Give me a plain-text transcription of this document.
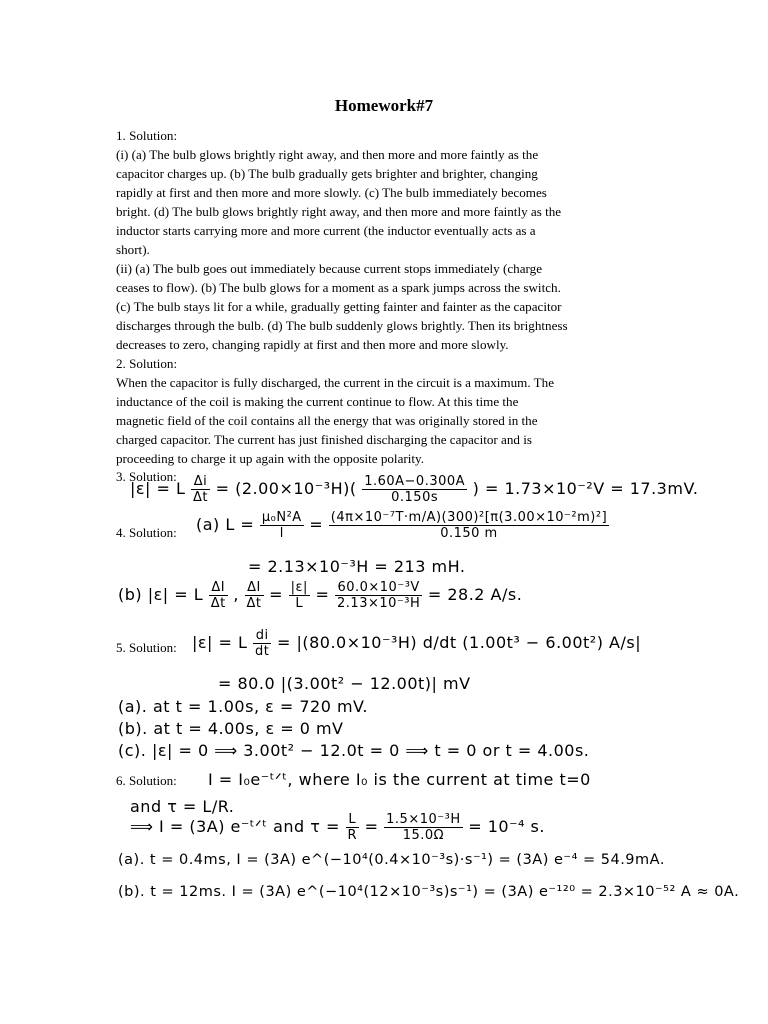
Homework#7
1. Solution:
(i) (a) The bulb glows brightly right away, and then more and more faintly as the
capacitor charges up. (b) The bulb gradually gets brighter and brighter, changing
rapidly at first and then more and more slowly. (c) The bulb immediately becomes
bright. (d) The bulb glows brightly right away, and then more and more faintly as the
inductor starts carrying more and more current (the inductor eventually acts as a
short).
(ii) (a) The bulb goes out immediately because current stops immediately (charge
ceases to flow). (b) The bulb glows for a moment as a spark jumps across the switch.
(c) The bulb stays lit for a while, gradually getting fainter and fainter as the capacitor
discharges through the bulb. (d) The bulb suddenly glows brightly. Then its brightness
decreases to zero, changing rapidly at first and then more and more slowly.
2. Solution:
When the capacitor is fully discharged, the current in the circuit is a maximum. The
inductance of the coil is making the current continue to flow. At this time the
magnetic field of the coil contains all the energy that was originally stored in the
charged capacitor. The current has just finished discharging the capacitor and is
proceeding to charge it up again with the opposite polarity.
3. Solution:
|ε| = L $\frac{\Delta i}{\Delta t} = (2.00\times 10^{-3}H)( \frac{1.60A-0.300A}{0.150s}$ ) = 1.73×10⁻²V = 17.3mV.
4. Solution: (a) $L = \frac{\text{μ₀N²A}}{l} = \frac{\text{(4π×10⁻⁷T·m/A)(300)²[π(3.00×10⁻²m)²]}}{0.150 m}$
= 2.13×10⁻³H = 213 mH.
(b) |ε| = L $\frac{\Delta I}{\Delta t}$ , $\frac{\Delta I}{\Delta t} = \frac{|\varepsilon|}{L} = \frac{\text{60.0×10⁻³V}}{\text{2.13×10⁻³H}} = 28.2$ A/s.
5. Solution: |ε| = L $\frac{di}{dt} = |(80.0\times 10^{-3}H)$ d/dt (1.00t³ − 6.00t²) A/s|
= 80.0 |(3.00t² − 12.00t)| mV
(a). at t = 1.00s, ε = 720 mV.
(b). at t = 4.00s, ε = 0 mV
(c). |ε| = 0 ⟹ 3.00t² − 12.0t = 0 ⟹ t = 0 or t = 4.00s.
6. Solution: I = I₀e⁻ᵗᐟᵗ, where I₀ is the current at time t=0
and τ = L/R.
⟹ I = (3A) e⁻ᵗᐟᵗ and $\tau = \frac{L}{R} = \frac{\text{1.5×10⁻³H}}{15.0\Omega} = 10^{-4}$ s.
(a). t = 0.4ms, I = (3A) e^(−10⁴(0.4×10⁻³s)·s⁻¹) = (3A) e⁻⁴ = 54.9mA.
(b). t = 12ms. I = (3A) e^(−10⁴(12×10⁻³s)s⁻¹) = (3A) e⁻¹²⁰ = 2.3×10⁻⁵² A ≈ 0A.
